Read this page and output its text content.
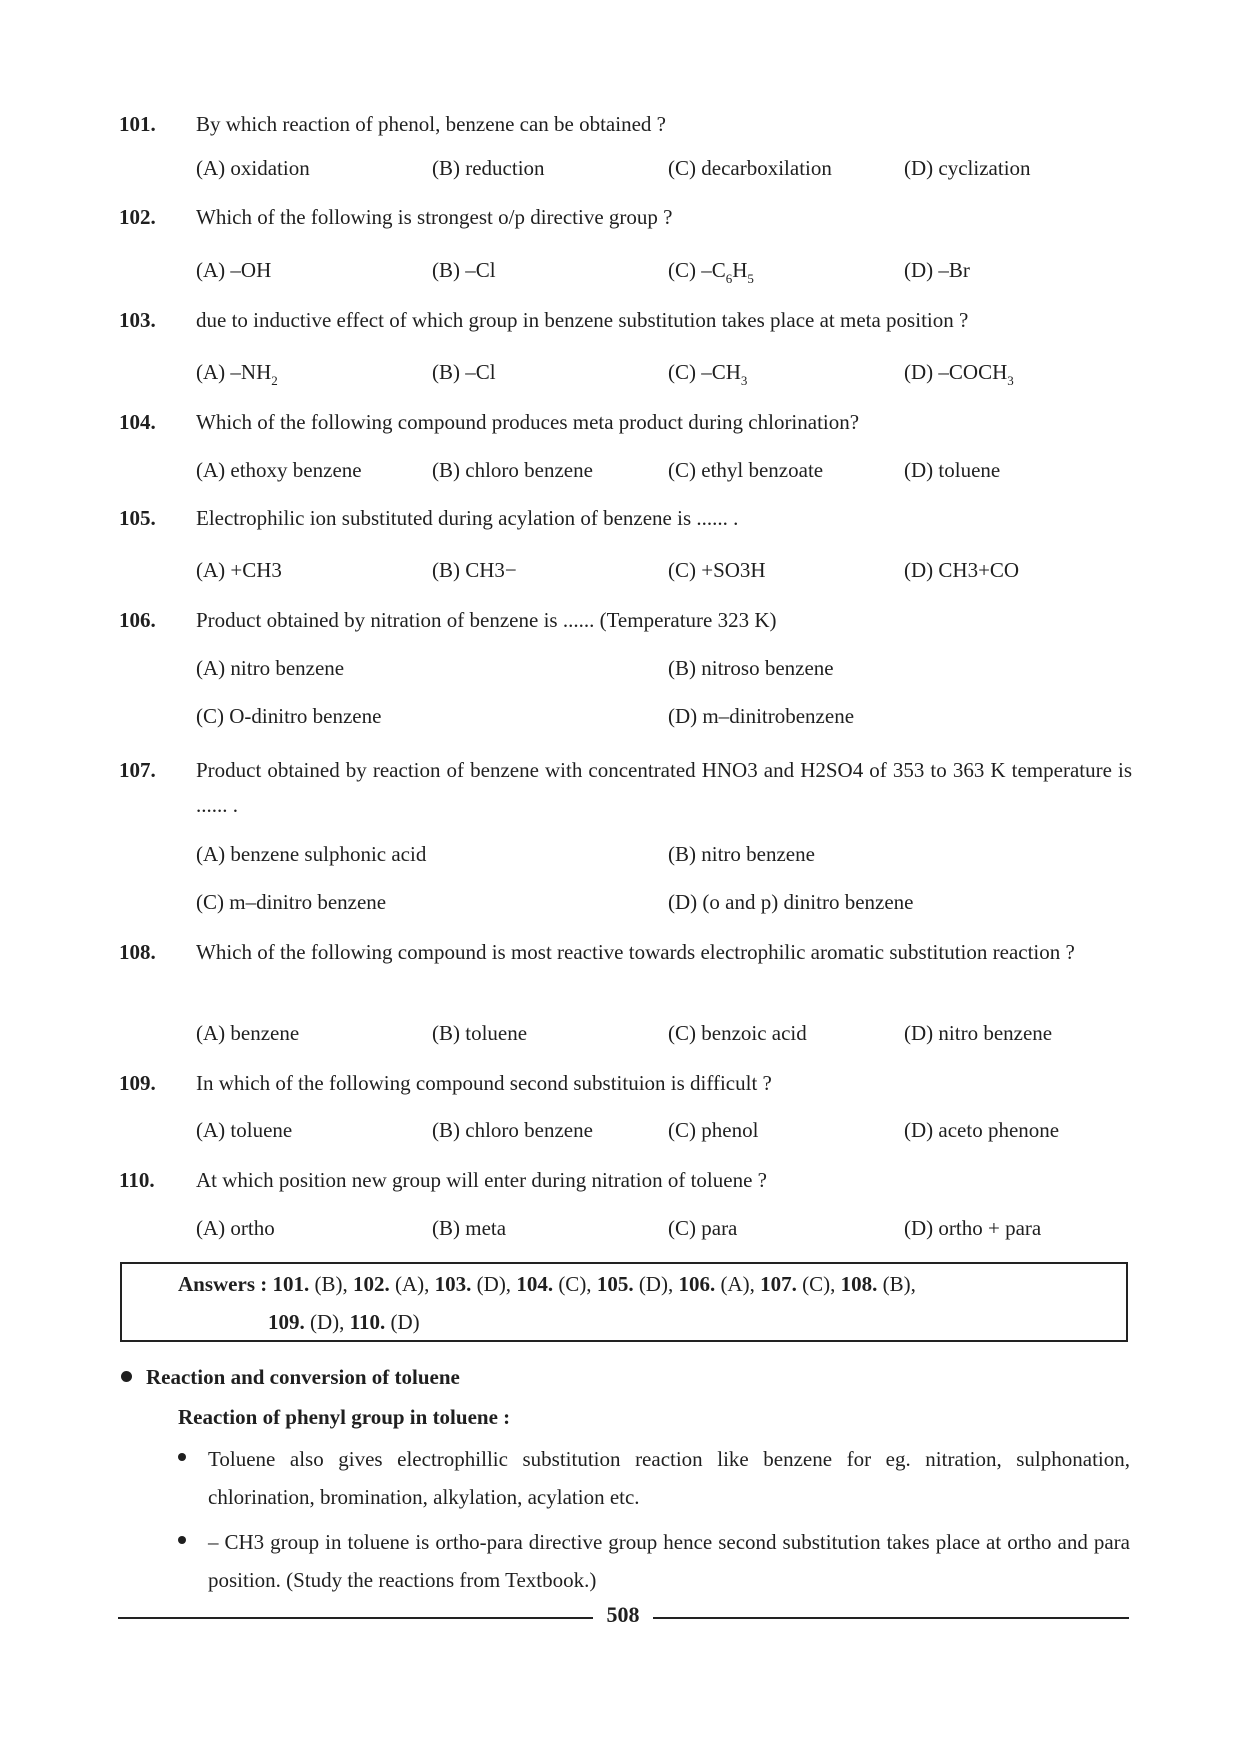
101. By which reaction of phenol, benzene can be obtained ?
(A) oxidation	(B) reduction	(C) decarboxilation	(D) cyclization
102. Which of the following is strongest o/p directive group ?
(A) –OH	(B) –Cl	(C) $-C_6H_5$	(D) –Br
103. due to inductive effect of which group in benzene substitution takes place at meta position ?
(A) $-NH_2$	(B) –Cl	(C) $-CH_3$	(D) $-COCH_3$
104. Which of the following compound produces meta product during chlorination?
(A) ethoxy benzene	(B) chloro benzene	(C) ethyl benzoate	(D) toluene
105. Electrophilic ion substituted during acylation of benzene is ...... .
(A) +CH3	(B) CH3−	(C) +SO3H	(D) CH3+CO
106. Product obtained by nitration of benzene is ...... (Temperature 323 K)
(A) nitro benzene	(B) nitroso benzene
(C) O-dinitro benzene	(D) m–dinitrobenzene
107. Product obtained by reaction of benzene with concentrated HNO3 and H2SO4 of 353 to 363 K temperature is ...... .
(A) benzene sulphonic acid	(B) nitro benzene
(C) m–dinitro benzene	(D) (o and p) dinitro benzene
108. Which of the following compound is most reactive towards electrophilic aromatic substitution reaction ?
(A) benzene	(B) toluene	(C) benzoic acid	(D) nitro benzene
109. In which of the following compound second substituion is difficult ?
(A) toluene	(B) chloro benzene	(C) phenol	(D) aceto phenone
110. At which position new group will enter during nitration of toluene ?
(A) ortho	(B) meta	(C) para	(D) ortho + para
Answers : 101. (B), 102. (A), 103. (D), 104. (C), 105. (D), 106. (A), 107. (C), 108. (B),
109. (D), 110. (D)
Reaction and conversion of toluene
Reaction of phenyl group in toluene :
Toluene also gives electrophillic substitution reaction like benzene for eg. nitration, sulphonation, chlorination, bromination, alkylation, acylation etc.
– CH3 group in toluene is ortho-para directive group hence second substitution takes place at ortho and para position. (Study the reactions from Textbook.)
508
